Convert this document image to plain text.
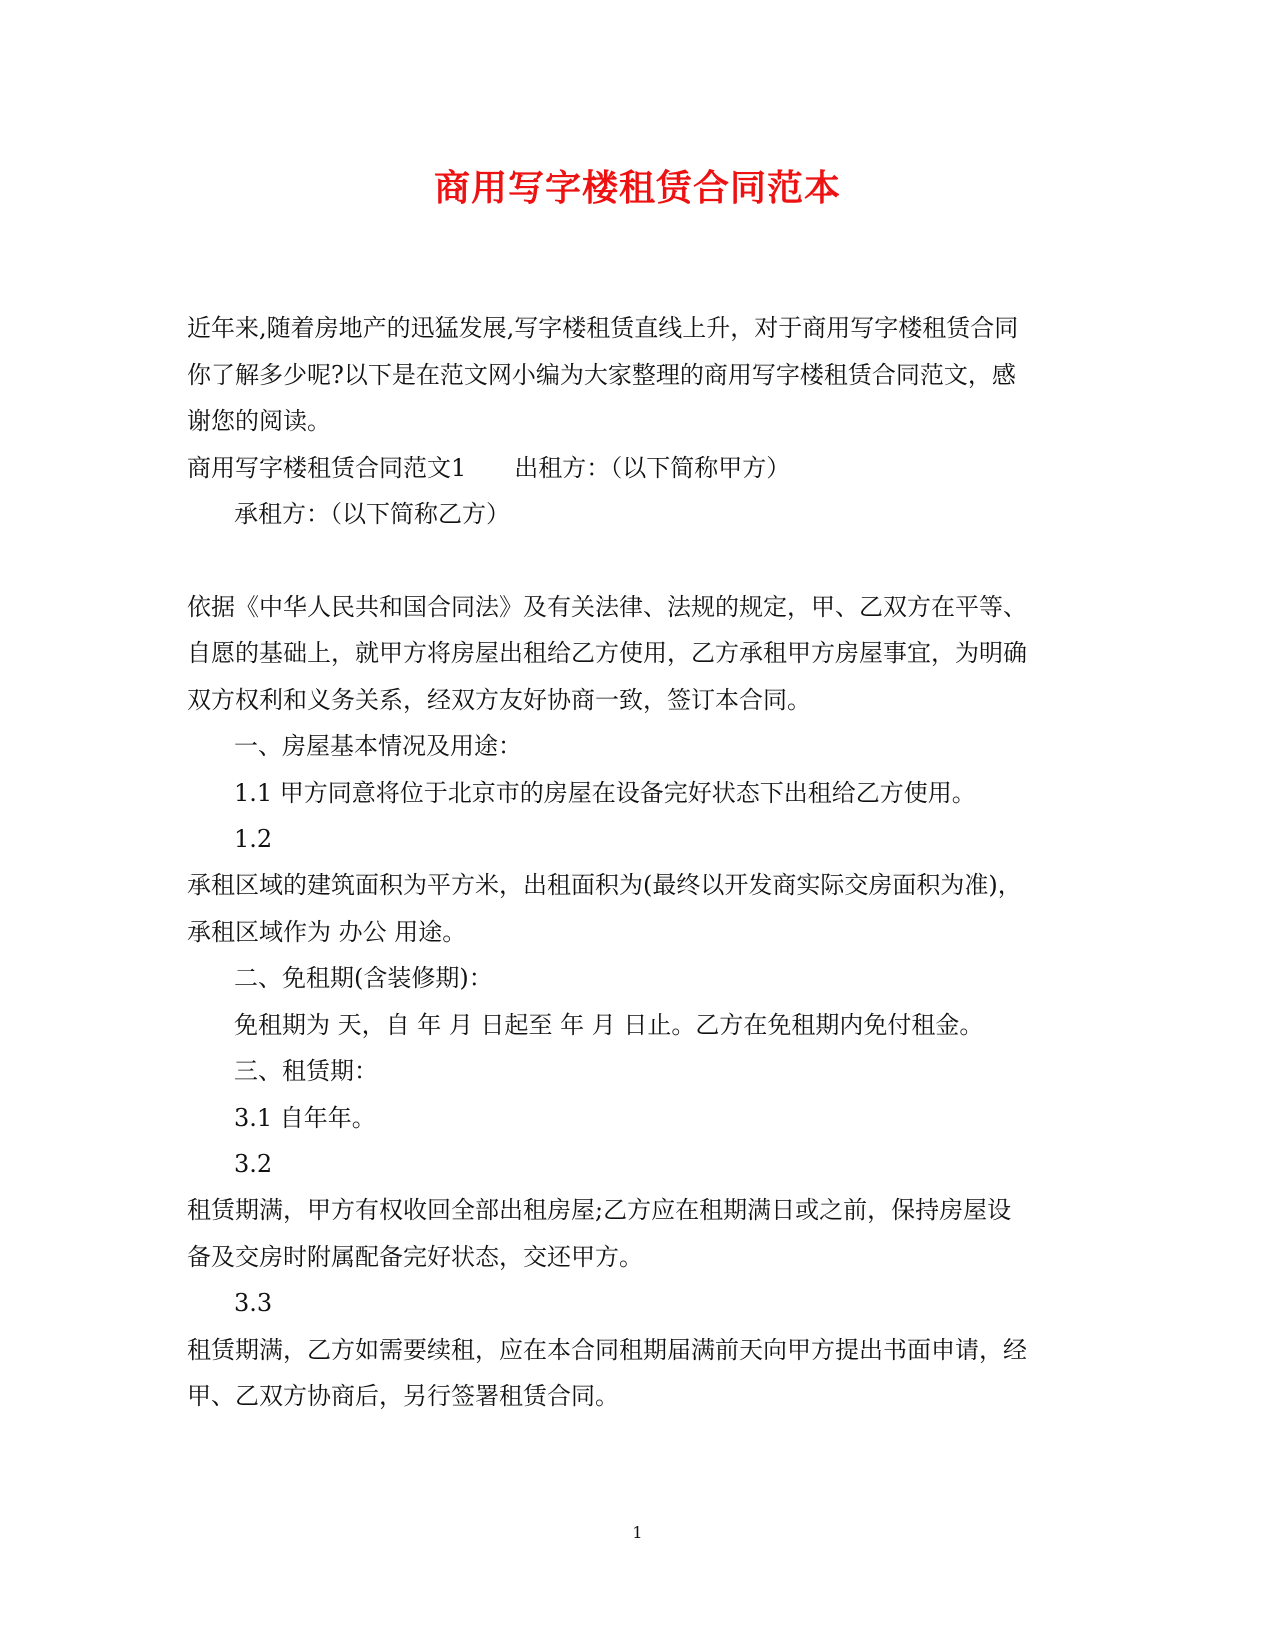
商用写字楼租赁合同范本
近年来,随着房地产的迅猛发展,写字楼租赁直线上升，对于商用写字楼租赁合同
你了解多少呢?以下是在范文网小编为大家整理的商用写字楼租赁合同范文，感
谢您的阅读。
商用写字楼租赁合同范文1　　出租方：（以下简称甲方）
承租方：（以下简称乙方）
依据《中华人民共和国合同法》及有关法律、法规的规定，甲、乙双方在平等、
自愿的基础上，就甲方将房屋出租给乙方使用，乙方承租甲方房屋事宜，为明确
双方权利和义务关系，经双方友好协商一致，签订本合同。
一、房屋基本情况及用途：
1.1 甲方同意将位于北京市的房屋在设备完好状态下出租给乙方使用。
1.2
承租区域的建筑面积为平方米，出租面积为(最终以开发商实际交房面积为准)，
承租区域作为 办公 用途。
二、免租期(含装修期)：
免租期为 天，自 年 月 日起至 年 月 日止。乙方在免租期内免付租金。
三、租赁期：
3.1 自年年。
3.2
租赁期满，甲方有权收回全部出租房屋;乙方应在租期满日或之前，保持房屋设
备及交房时附属配备完好状态，交还甲方。
3.3
租赁期满，乙方如需要续租，应在本合同租期届满前天向甲方提出书面申请，经
甲、乙双方协商后，另行签署租赁合同。
1
